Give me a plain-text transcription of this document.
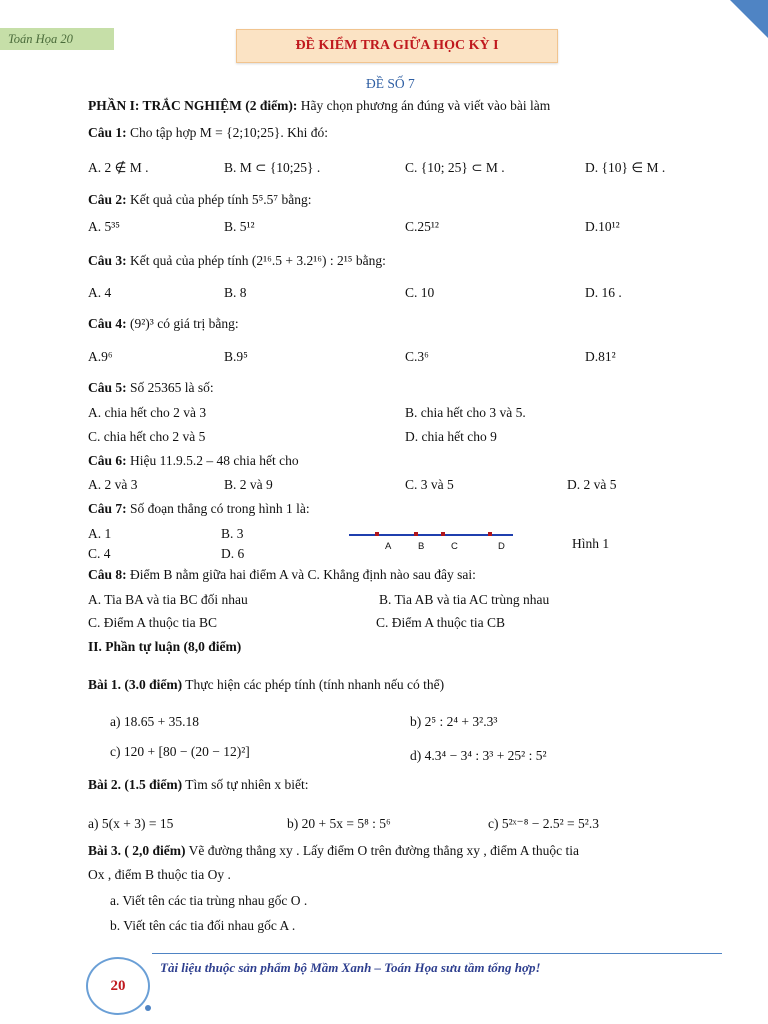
Toán Họa 20	ĐỀ KIỂM TRA GIỮA HỌC KỲ I
ĐỀ SỐ 7
PHẦN I: TRẮC NGHIỆM (2 điểm): Hãy chọn phương án đúng và viết vào bài làm
Câu 1: Cho tập hợp M = {2;10;25}. Khi đó:
A. 2 ∉ M .	B. M ⊂ {10;25} .	C. {10; 25} ⊂ M .	D. {10} ∈ M .
Câu 2: Kết quả của phép tính 5⁵.5⁷ bằng:
A. 5³⁵	B. 5¹²	C.25¹²	D.10¹²
Câu 3: Kết quả của phép tính (2¹⁶.5 + 3.2¹⁶) : 2¹⁵ bằng:
A. 4	B. 8	C. 10	D. 16 .
Câu 4: (9²)³ có giá trị bằng:
A.9⁶	B.9⁵	C.3⁶	D.81²
Câu 5: Số 25365 là số:
A. chia hết cho 2 và 3	B. chia hết cho 3 và 5.
C. chia hết cho 2 và 5	D. chia hết cho 9
Câu 6: Hiệu 11.9.5.2 – 48 chia hết cho
A. 2 và 3	B. 2 và 9	C. 3 và 5	D. 2 và 5
Câu 7: Số đoạn thẳng có trong hình 1 là:
A. 1	B. 3
C. 4	D. 6	A	B	C	D	Hình 1
Câu 8: Điểm B nằm giữa hai điểm A và C. Khẳng định nào sau đây sai:
A. Tia BA và tia BC đối nhau	B. Tia AB và tia AC trùng nhau
C. Điểm A thuộc tia BC	C. Điểm A thuộc tia CB
II. Phần tự luận (8,0 điểm)
Bài 1. (3.0 điểm) Thực hiện các phép tính (tính nhanh nếu có thể)
a) 18.65 + 35.18	b) 2⁵ : 2⁴ + 3².3³
c) 120 + [80 − (20 − 12)²]	d) 4.3⁴ − 3⁴ : 3³ + 25² : 5²
Bài 2. (1.5 điểm) Tìm số tự nhiên x biết:
a) 5(x + 3) = 15	b) 20 + 5x = 5⁸ : 5⁶	c) 5²ˣ⁻⁸ − 2.5² = 5².3
Bài 3. ( 2,0 điểm) Vẽ đường thẳng xy . Lấy điểm O trên đường thẳng xy , điểm A thuộc tia
Ox , điểm B thuộc tia Oy .
a. Viết tên các tia trùng nhau gốc O .
b. Viết tên các tia đối nhau gốc A .
Tài liệu thuộc sản phẩm bộ Mầm Xanh – Toán Họa sưu tầm tổng hợp!
20
